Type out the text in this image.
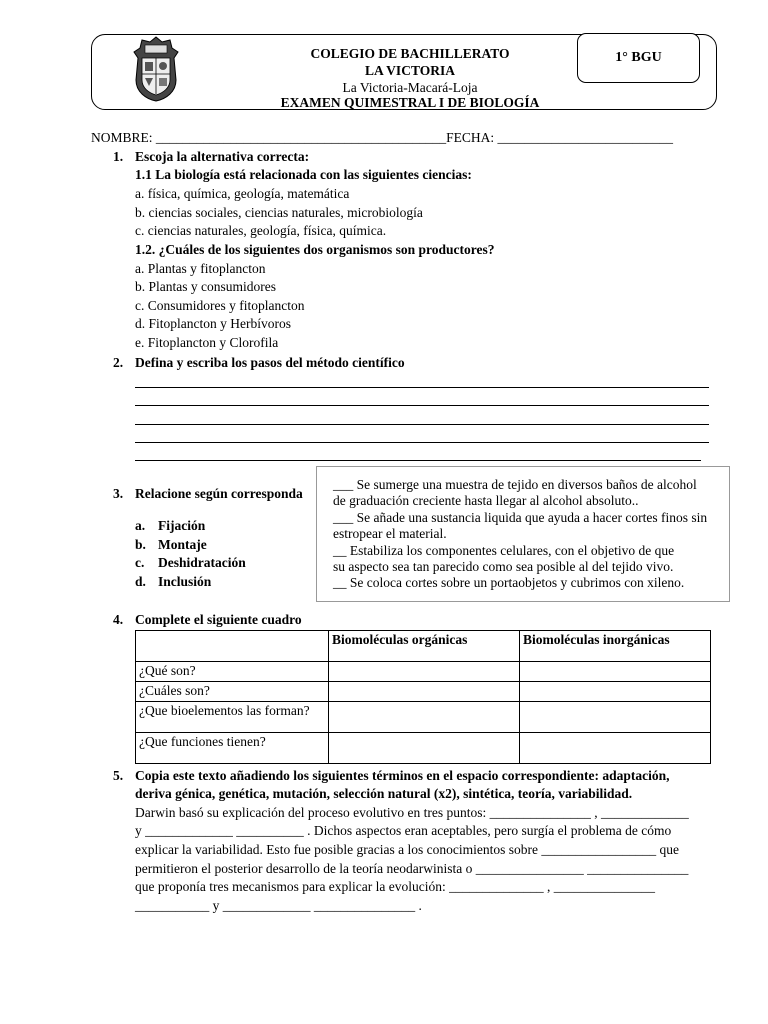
1° BGU
COLEGIO DE BACHILLERATO
LA VICTORIA
La Victoria-Macará-Loja
EXAMEN QUIMESTRAL I DE BIOLOGÍA
NOMBRE: ___________________________________________FECHA: __________________________
1. Escoja la alternativa correcta:
1.1 La biología está relacionada con las siguientes ciencias:
a. física, química, geología, matemática
b. ciencias sociales, ciencias naturales, microbiología
c. ciencias naturales, geología, física, química.
1.2. ¿Cuáles de los siguientes dos organismos son productores?
a. Plantas y fitoplancton
b. Plantas y consumidores
c. Consumidores y fitoplancton
d. Fitoplancton y Herbívoros
e. Fitoplancton y Clorofila
2. Defina y escriba los pasos del método científico
3. Relacione según corresponda
a. Fijación
b. Montaje
c. Deshidratación
d. Inclusión
___ Se sumerge una muestra de tejido en diversos baños de alcohol
de graduación creciente hasta llegar al alcohol absoluto..
___ Se añade una sustancia liquida que ayuda a hacer cortes finos sin
estropear el material.
__ Estabiliza los componentes celulares, con el objetivo de que
su aspecto sea tan parecido como sea posible al del tejido vivo.
__ Se coloca cortes sobre un portaobjetos y cubrimos con xileno.
4. Complete el siguiente cuadro
	Biomoléculas orgánicas	Biomoléculas inorgánicas
¿Qué son?		
¿Cuáles son?		
¿Que bioelementos las forman?		
¿Que funciones tienen?		
5. Copia este texto añadiendo los siguientes términos en el espacio correspondiente: adaptación,
deriva génica, genética, mutación, selección natural (x2), sintética, teoría, variabilidad.
Darwin basó su explicación del proceso evolutivo en tres puntos: _______________ , _____________
y _____________ __________ . Dichos aspectos eran aceptables, pero surgía el problema de cómo
explicar la variabilidad. Esto fue posible gracias a los conocimientos sobre _________________ que
permitieron el posterior desarrollo de la teoría neodarwinista o ________________ _______________
que proponía tres mecanismos para explicar la evolución: ______________ , _______________
___________ y _____________ _______________ .
